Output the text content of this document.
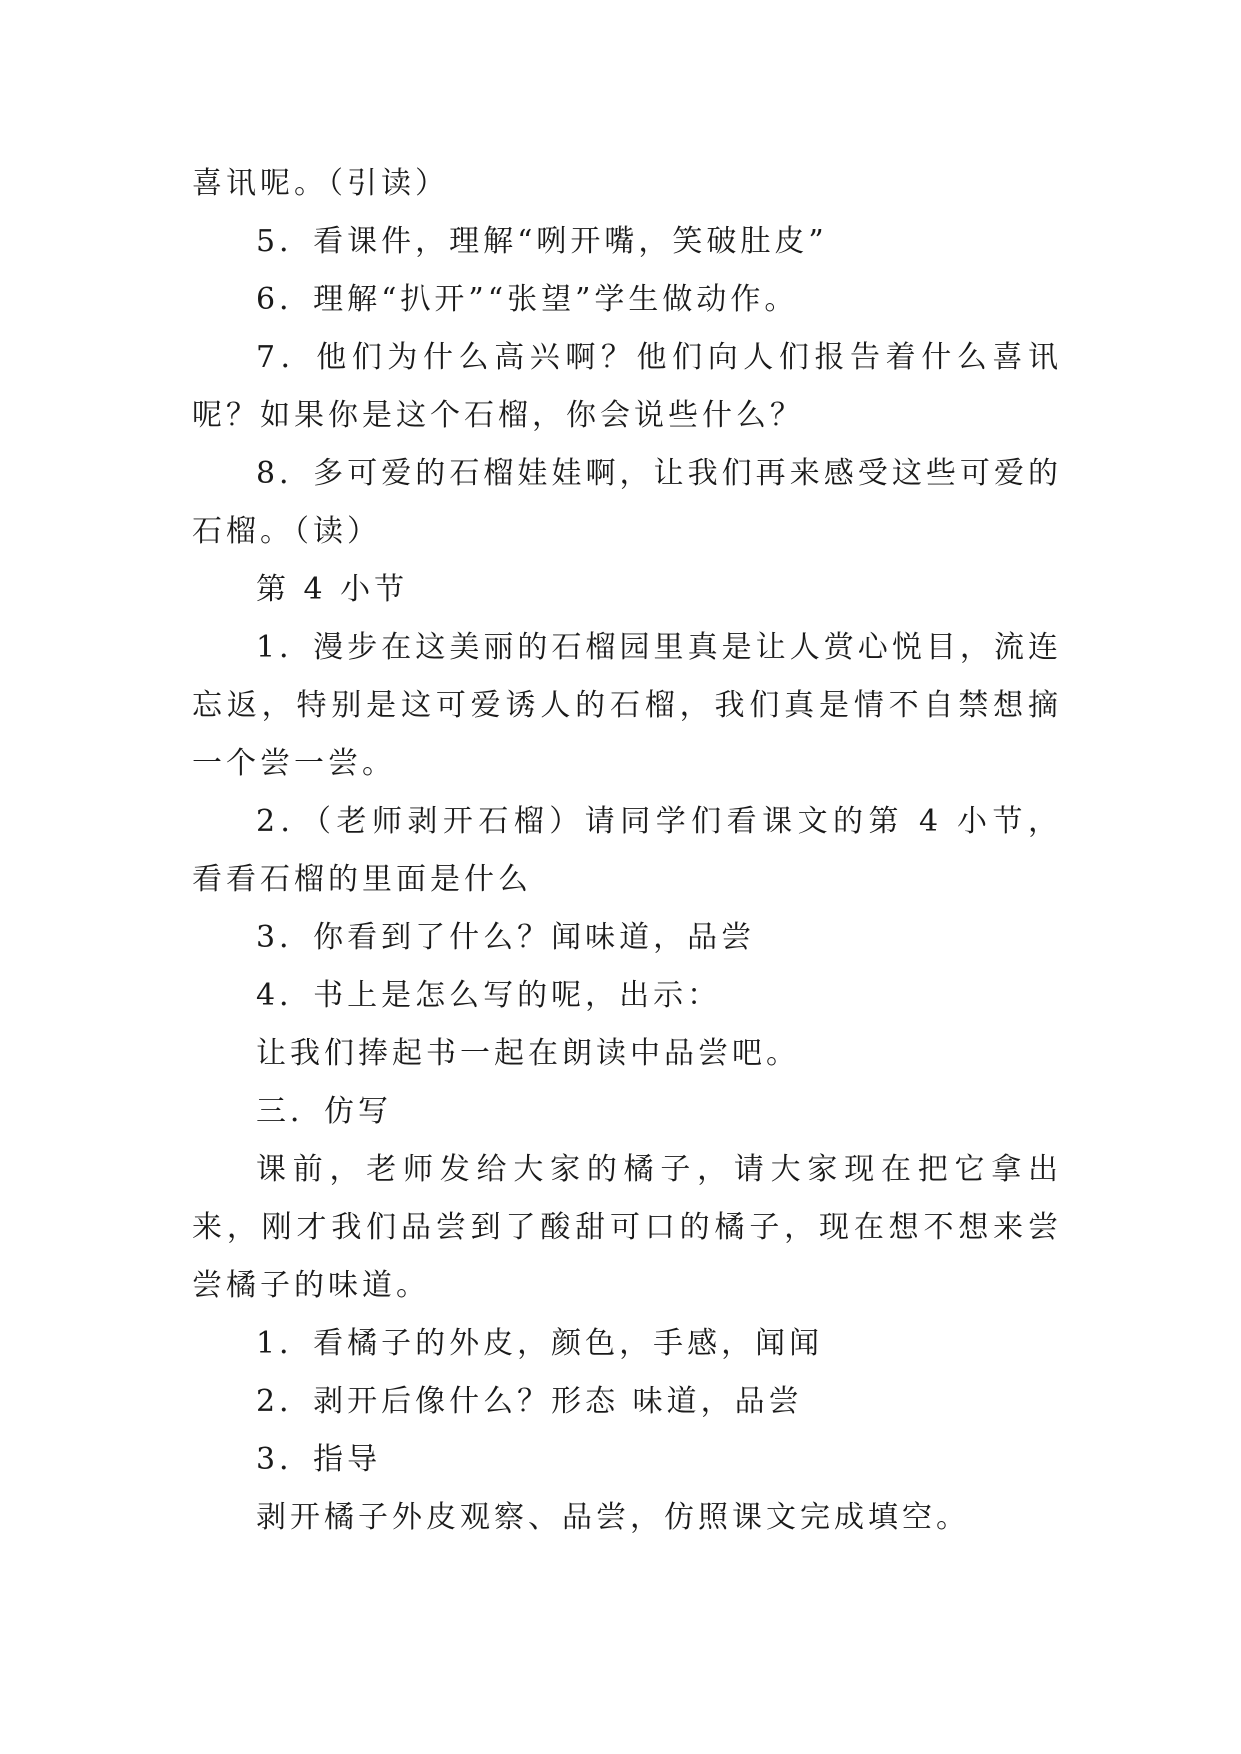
喜讯呢。（引读）

5．看课件，理解“咧开嘴，笑破肚皮”

6．理解“扒开”“张望”学生做动作。

7．他们为什么高兴啊？他们向人们报告着什么喜讯呢？如果你是这个石榴，你会说些什么？

8．多可爱的石榴娃娃啊，让我们再来感受这些可爱的石榴。（读）

第 4 小节

1．漫步在这美丽的石榴园里真是让人赏心悦目，流连忘返，特别是这可爱诱人的石榴，我们真是情不自禁想摘一个尝一尝。

2．（老师剥开石榴）请同学们看课文的第 4 小节，看看石榴的里面是什么

3．你看到了什么？闻味道，品尝

4．书上是怎么写的呢，出示：

让我们捧起书一起在朗读中品尝吧。

三．仿写

课前，老师发给大家的橘子，请大家现在把它拿出来，刚才我们品尝到了酸甜可口的橘子，现在想不想来尝尝橘子的味道。

1．看橘子的外皮，颜色，手感，闻闻

2．剥开后像什么？形态 味道，品尝

3．指导

剥开橘子外皮观察、品尝，仿照课文完成填空。
